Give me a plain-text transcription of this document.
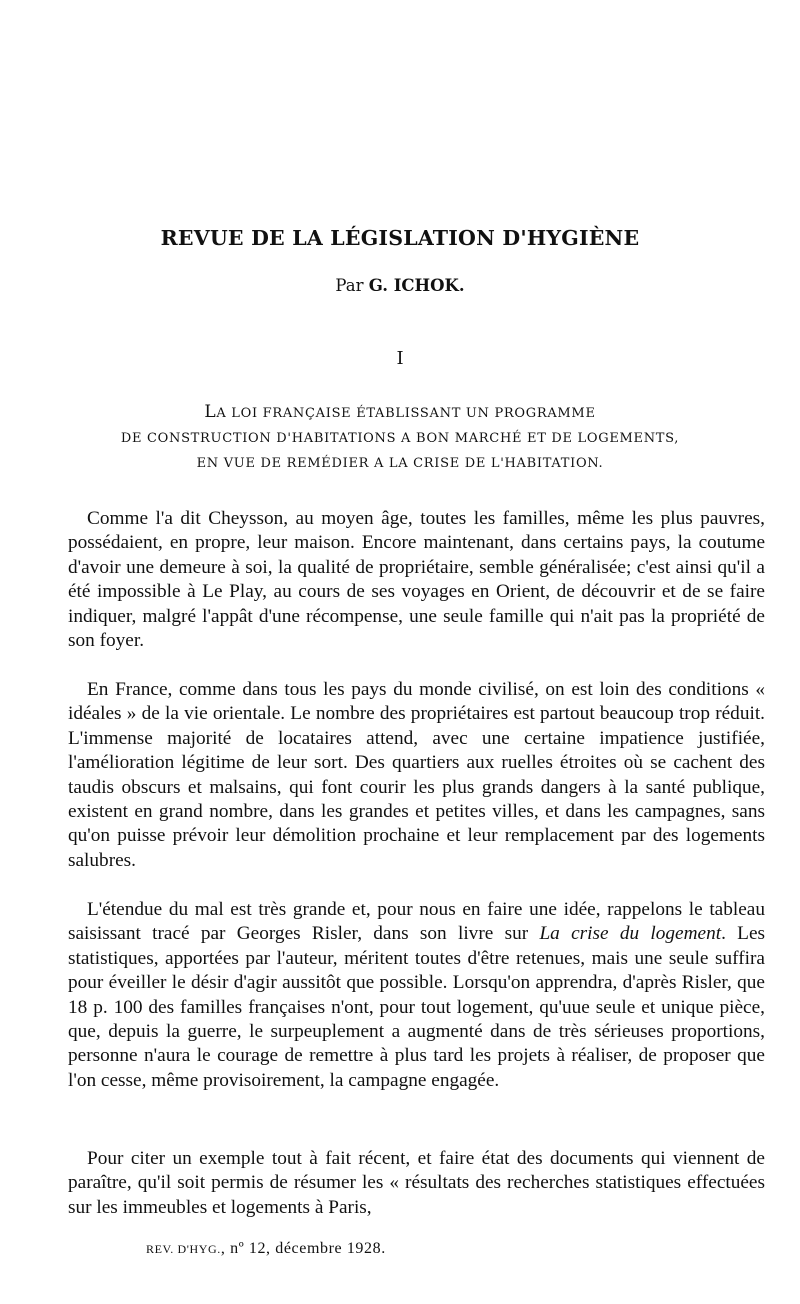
REVUE DE LA LÉGISLATION D'HYGIÈNE
Par G. ICHOK.
I
LA LOI FRANÇAISE ÉTABLISSANT UN PROGRAMME
DE CONSTRUCTION D'HABITATIONS A BON MARCHÉ ET DE LOGEMENTS,
EN VUE DE REMÉDIER A LA CRISE DE L'HABITATION.

Comme l'a dit Cheysson, au moyen âge, toutes les familles, même les plus pauvres, possédaient, en propre, leur maison. Encore maintenant, dans certains pays, la coutume d'avoir une demeure à soi, la qualité de propriétaire, semble généralisée; c'est ainsi qu'il a été impossible à Le Play, au cours de ses voyages en Orient, de découvrir et de se faire indiquer, malgré l'appât d'une récompense, une seule famille qui n'ait pas la propriété de son foyer.

En France, comme dans tous les pays du monde civilisé, on est loin des conditions « idéales » de la vie orientale. Le nombre des propriétaires est partout beaucoup trop réduit. L'immense majorité de locataires attend, avec une certaine impatience justifiée, l'amélioration légitime de leur sort. Des quartiers aux ruelles étroites où se cachent des taudis obscurs et malsains, qui font courir les plus grands dangers à la santé publique, existent en grand nombre, dans les grandes et petites villes, et dans les campagnes, sans qu'on puisse prévoir leur démolition prochaine et leur remplacement par des logements salubres.

L'étendue du mal est très grande et, pour nous en faire une idée, rappelons le tableau saisissant tracé par Georges Risler, dans son livre sur La crise du logement. Les statistiques, apportées par l'auteur, méritent toutes d'être retenues, mais une seule suffira pour éveiller le désir d'agir aussitôt que possible. Lorsqu'on apprendra, d'après Risler, que 18 p. 100 des familles françaises n'ont, pour tout logement, qu'uue seule et unique pièce, que, depuis la guerre, le surpeuplement a augmenté dans de très sérieuses proportions, personne n'aura le courage de remettre à plus tard les projets à réaliser, de proposer que l'on cesse, même provisoirement, la campagne engagée.

Pour citer un exemple tout à fait récent, et faire état des documents qui viennent de paraître, qu'il soit permis de résumer les « résultats des recherches statistiques effectuées sur les immeubles et logements à Paris,

REV. D'HYG., nº 12, décembre 1928.
